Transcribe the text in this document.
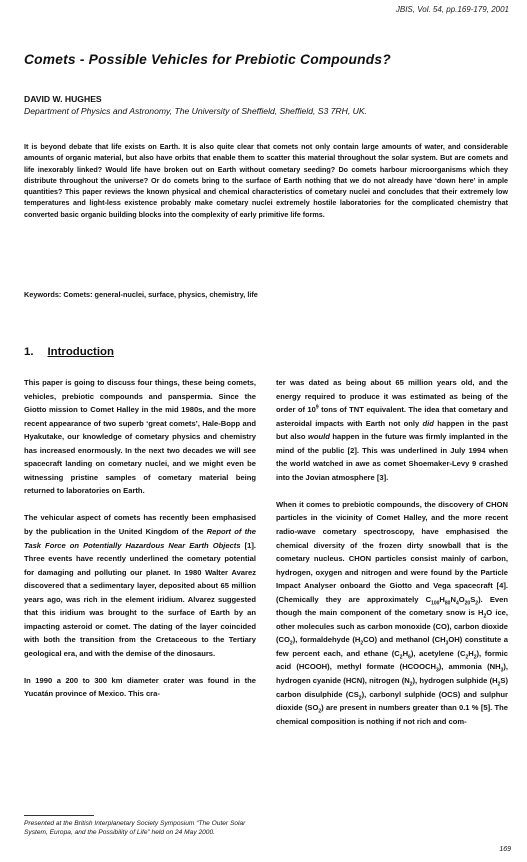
JBIS, Vol. 54, pp.169-179, 2001
Comets - Possible Vehicles for Prebiotic Compounds?
DAVID W. HUGHES
Department of Physics and Astronomy, The University of Sheffield, Sheffield, S3 7RH, UK.

It is beyond debate that life exists on Earth. It is also quite clear that comets not only contain large amounts of water, and considerable amounts of organic material, but also have orbits that enable them to scatter this material throughout the solar system. But are comets and life inexorably linked? Would life have broken out on Earth without cometary seeding? Do comets harbour microorganisms which they distribute throughout the universe? Or do comets bring to the surface of Earth nothing that we do not already have ‘down here’ in ample quantities? This paper reviews the known physical and chemical characteristics of cometary nuclei and concludes that their extremely low temperatures and light-less existence probably make cometary nuclei extremely hostile laboratories for the complicated chemistry that converted basic organic building blocks into the complexity of early primitive life forms.

Keywords: Comets: general-nuclei, surface, physics, chemistry, life
1. Introduction

This paper is going to discuss four things, these being comets, vehicles, prebiotic compounds and panspermia. Since the Giotto mission to Comet Halley in the mid 1980s, and the more recent appearance of two superb ‘great comets’, Hale-Bopp and Hyakutake, our knowledge of cometary physics and chemistry has increased enormously. In the next two decades we will see spacecraft landing on cometary nuclei, and we might even be witnessing pristine samples of cometary material being returned to laboratories on Earth.

The vehicular aspect of comets has recently been emphasised by the publication in the United Kingdom of the Report of the Task Force on Potentially Hazardous Near Earth Objects [1]. Three events have recently underlined the cometary potential for damaging and polluting our planet. In 1980 Walter Avarez discovered that a sedimentary layer, deposited about 65 million years ago, was rich in the element iridium. Alvarez suggested that this iridium was brought to the surface of Earth by an impacting asteroid or comet. The dating of the layer coincided with both the transition from the Cretaceous to the Tertiary geological era, and with the demise of the dinosaurs.

In 1990 a 200 to 300 km diameter crater was found in the Yucatán province of Mexico. This cra-

ter was dated as being about 65 million years old, and the energy required to produce it was estimated as being of the order of $10^9$ tons of TNT equivalent. The idea that cometary and asteroidal impacts with Earth not only did happen in the past but also would happen in the future was firmly implanted in the mind of the public [2]. This was underlined in July 1994 when the world watched in awe as comet Shoemaker-Levy 9 crashed into the Jovian atmosphere [3].

When it comes to prebiotic compounds, the discovery of CHON particles in the vicinity of Comet Halley, and the more recent radio-wave cometary spectroscopy, have emphasised the chemical diversity of the frozen dirty snowball that is the cometary nucleus. CHON particles consist mainly of carbon, hydrogen, oxygen and nitrogen and were found by the Particle Impact Analyser onboard the Giotto and Vega spacecraft [4]. (Chemically they are approximately $C_{100}H_{80}N_4O_{20}S_2$). Even though the main component of the cometary snow is $H_2O$ ice, other molecules such as carbon monoxide (CO), carbon dioxide $(CO_2)$, formaldehyde $(H_2CO)$ and methanol $(CH_3OH)$ constitute a few percent each, and ethane $(C_2H_6)$, acetylene $(C_2H_2)$, formic acid (HCOOH), methyl formate $(HCOOCH_3)$, ammonia $(NH_3)$, hydrogen cyanide (HCN), nitrogen $(N_2)$, hydrogen sulphide $(H_2S)$ carbon disulphide $(CS_2)$, carbonyl sulphide (OCS) and sulphur dioxide $(SO_2)$ are present in numbers greater than 0.1 % [5]. The chemical composition is nothing if not rich and com-

Presented at the British Interplanetary Society Symposium “The Outer Solar System, Europa, and the Possibility of Life” held on 24 May 2000.
169
